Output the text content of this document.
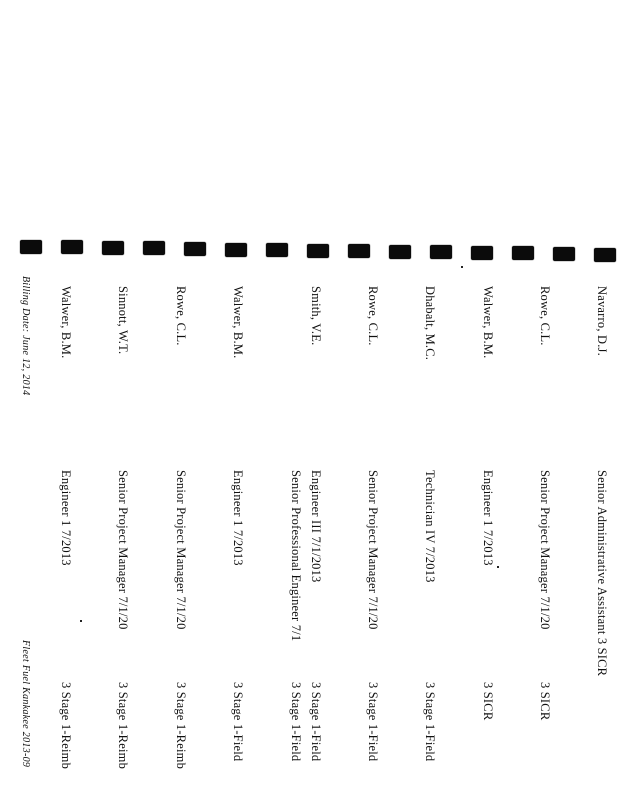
Navarro, D.J.
Senior Administrative Assistant 3 SICR
Rowe, C.L.
Senior Project Manager 7/1/20
3 SICR
Walwer, B.M.
Engineer 1 7/2013
3 SICR
Dhabalt, M.C.
Technician IV 7/2013
3 Stage 1-Field
Rowe, C.L.
Senior Project Manager 7/1/20
3 Stage 1-Field
Smith, V.E.
Engineer III 7/1/2013
3 Stage 1-Field
Senior Professional Engineer 7/1
3 Stage 1-Field
Walwer, B.M.
Engineer 1 7/2013
3 Stage 1-Field
Rowe, C.L.
Senior Project Manager 7/1/20
3 Stage 1-Reimb
Sinnott, W.T.
Senior Project Manager 7/1/20
3 Stage 1-Reimb
Walwer, B.M.
Engineer 1 7/2013
3 Stage 1-Reimb
Billing Date: June 12, 2014
Fleet Fuel Kankakee 2013-09
